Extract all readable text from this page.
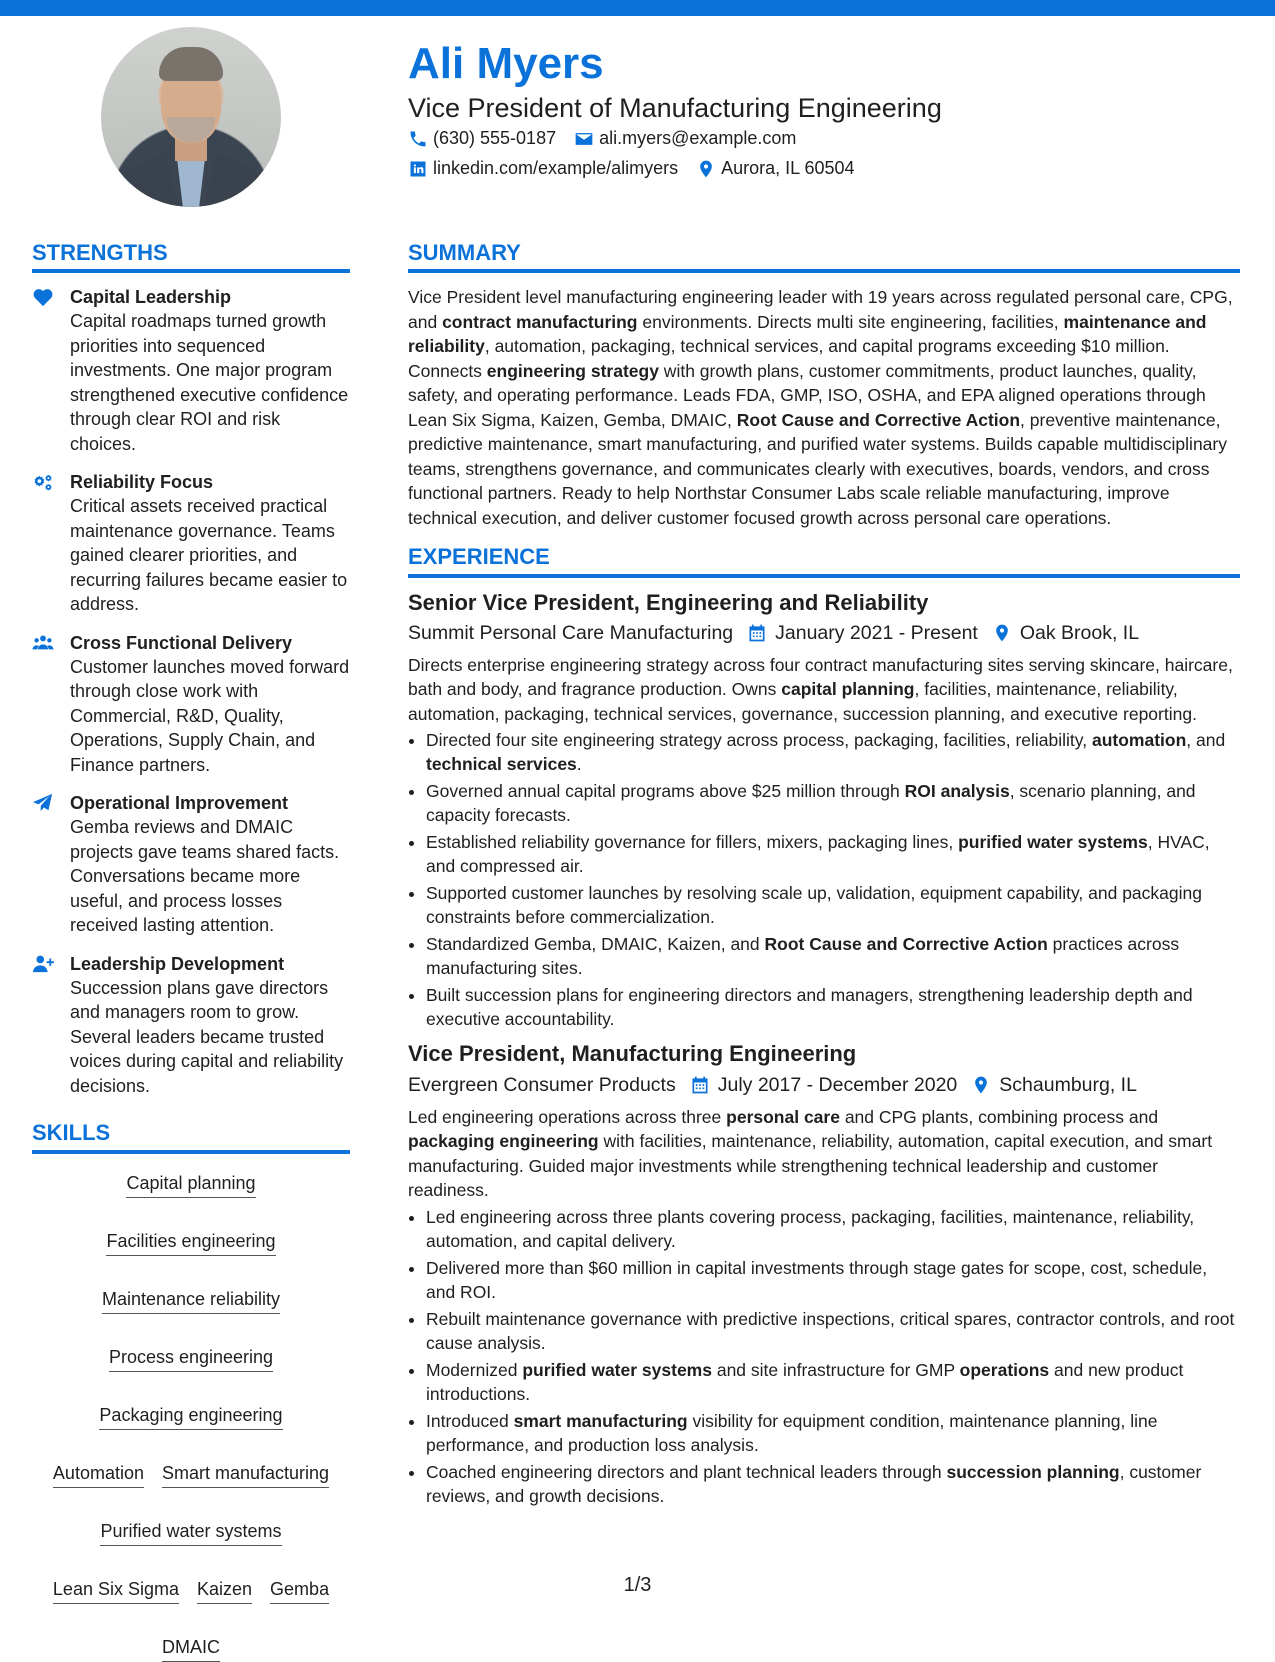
Ali Myers
Vice President of Manufacturing Engineering
(630) 555-0187 ali.myers@example.com
linkedin.com/example/alimyers Aurora, IL 60504
STRENGTHS
Capital Leadership
Capital roadmaps turned growth priorities into sequenced investments. One major program strengthened executive confidence through clear ROI and risk choices.
Reliability Focus
Critical assets received practical maintenance governance. Teams gained clearer priorities, and recurring failures became easier to address.
Cross Functional Delivery
Customer launches moved forward through close work with Commercial, R&D, Quality, Operations, Supply Chain, and Finance partners.
Operational Improvement
Gemba reviews and DMAIC projects gave teams shared facts. Conversations became more useful, and process losses received lasting attention.
Leadership Development
Succession plans gave directors and managers room to grow. Several leaders became trusted voices during capital and reliability decisions.
SKILLS
Capital planning
Facilities engineering
Maintenance reliability
Process engineering
Packaging engineering
Automation Smart manufacturing
Purified water systems
Lean Six Sigma Kaizen Gemba
DMAIC
SUMMARY

Vice President level manufacturing engineering leader with 19 years across regulated personal care, CPG, and contract manufacturing environments. Directs multi site engineering, facilities, maintenance and reliability, automation, packaging, technical services, and capital programs exceeding $10 million. Connects engineering strategy with growth plans, customer commitments, product launches, quality, safety, and operating performance. Leads FDA, GMP, ISO, OSHA, and EPA aligned operations through Lean Six Sigma, Kaizen, Gemba, DMAIC, Root Cause and Corrective Action, preventive maintenance, predictive maintenance, smart manufacturing, and purified water systems. Builds capable multidisciplinary teams, strengthens governance, and communicates clearly with executives, boards, vendors, and cross functional partners. Ready to help Northstar Consumer Labs scale reliable manufacturing, improve technical execution, and deliver customer focused growth across personal care operations.

EXPERIENCE
Senior Vice President, Engineering and Reliability
Summit Personal Care Manufacturing January 2021 - Present Oak Brook, IL

Directs enterprise engineering strategy across four contract manufacturing sites serving skincare, haircare, bath and body, and fragrance production. Owns capital planning, facilities, maintenance, reliability, automation, packaging, technical services, governance, succession planning, and executive reporting.

• Directed four site engineering strategy across process, packaging, facilities, reliability, automation, and technical services.
• Governed annual capital programs above $25 million through ROI analysis, scenario planning, and capacity forecasts.
• Established reliability governance for fillers, mixers, packaging lines, purified water systems, HVAC, and compressed air.
• Supported customer launches by resolving scale up, validation, equipment capability, and packaging constraints before commercialization.
• Standardized Gemba, DMAIC, Kaizen, and Root Cause and Corrective Action practices across manufacturing sites.
• Built succession plans for engineering directors and managers, strengthening leadership depth and executive accountability.
Vice President, Manufacturing Engineering
Evergreen Consumer Products July 2017 - December 2020 Schaumburg, IL

Led engineering operations across three personal care and CPG plants, combining process and packaging engineering with facilities, maintenance, reliability, automation, capital execution, and smart manufacturing. Guided major investments while strengthening technical leadership and customer readiness.

• Led engineering across three plants covering process, packaging, facilities, maintenance, reliability, automation, and capital delivery.
• Delivered more than $60 million in capital investments through stage gates for scope, cost, schedule, and ROI.
• Rebuilt maintenance governance with predictive inspections, critical spares, contractor controls, and root cause analysis.
• Modernized purified water systems and site infrastructure for GMP operations and new product introductions.
• Introduced smart manufacturing visibility for equipment condition, maintenance planning, line performance, and production loss analysis.
• Coached engineering directors and plant technical leaders through succession planning, customer reviews, and growth decisions.
1/3
